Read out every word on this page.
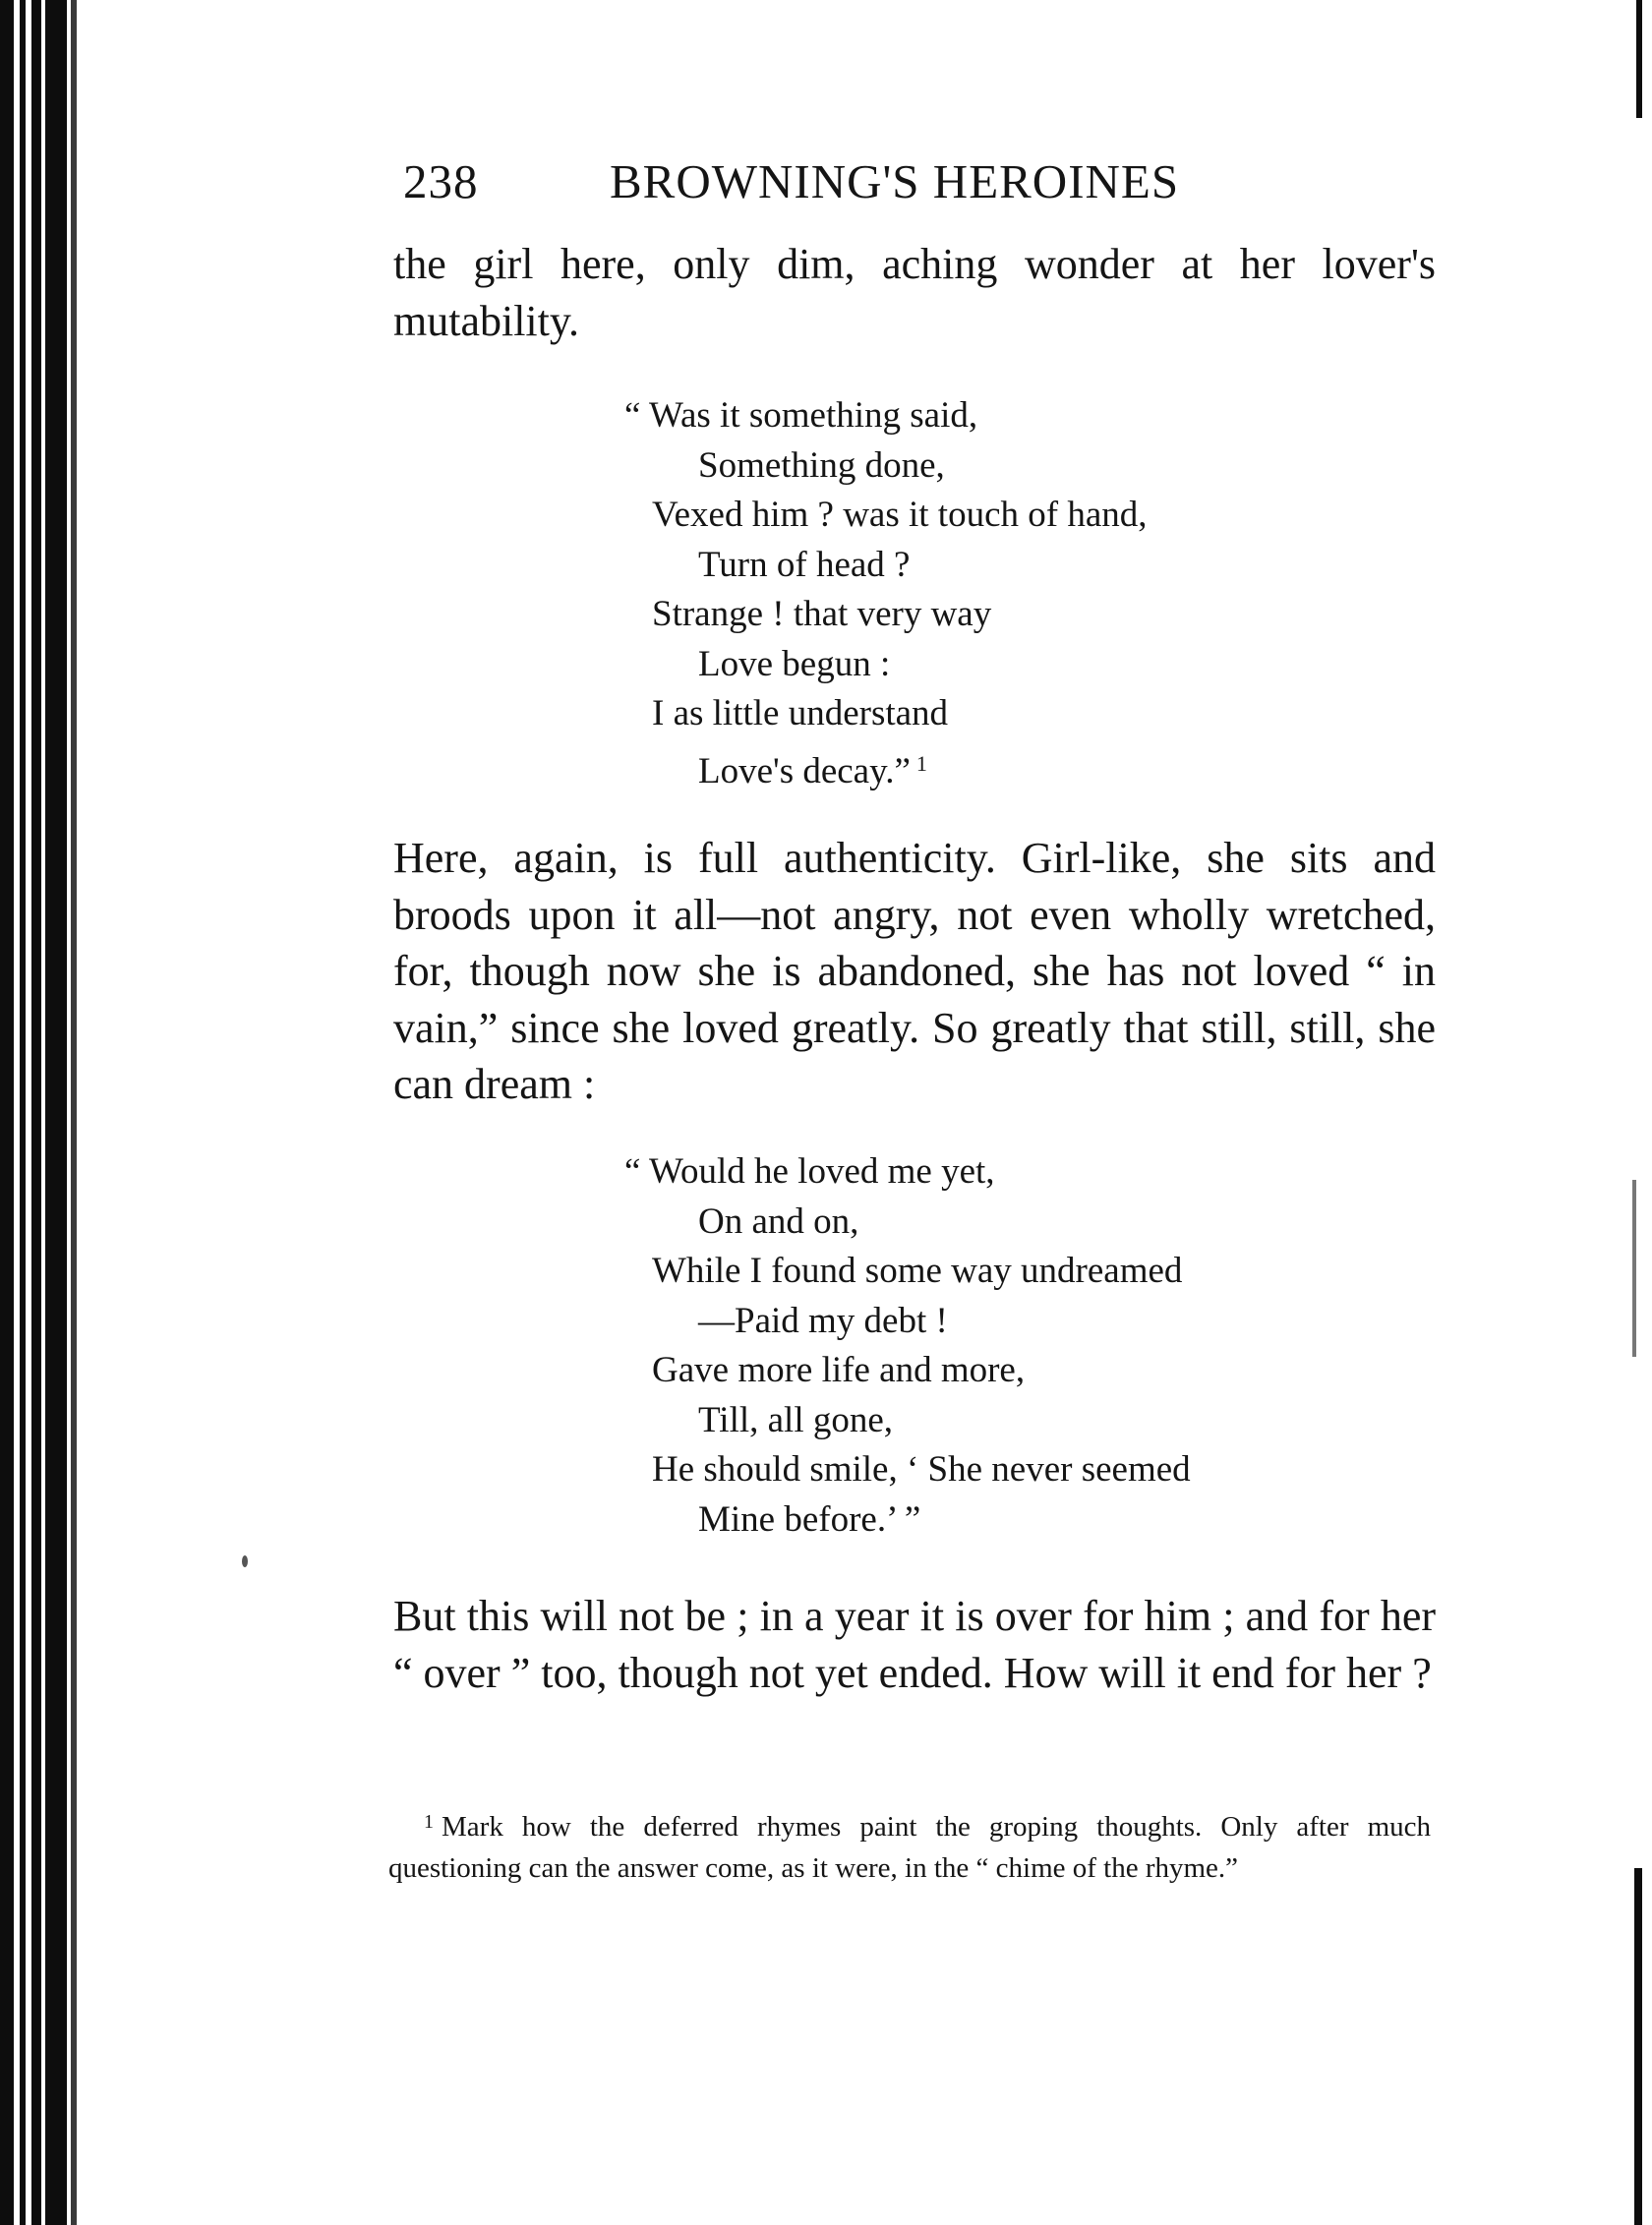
238	BROWNING'S HEROINES

the girl here, only dim, aching wonder at her lover's mutability.

“ Was it something said,
Something done,
Vexed him ? was it touch of hand,
Turn of head ?
Strange ! that very way
Love begun :
I as little understand
Love's decay.” $^1$

Here, again, is full authenticity. Girl-like, she sits and broods upon it all—not angry, not even wholly wretched, for, though now she is abandoned, she has not loved “ in vain,” since she loved greatly. So greatly that still, still, she can dream :

“ Would he loved me yet,
On and on,
While I found some way undreamed
—Paid my debt !
Gave more life and more,
Till, all gone,
He should smile, ‘ She never seemed
Mine before.’ ”

But this will not be ; in a year it is over for him ; and for her “ over ” too, though not yet ended. How will it end for her ?

$^1$ Mark how the deferred rhymes paint the groping thoughts. Only after much questioning can the answer come, as it were, in the “ chime of the rhyme.”
